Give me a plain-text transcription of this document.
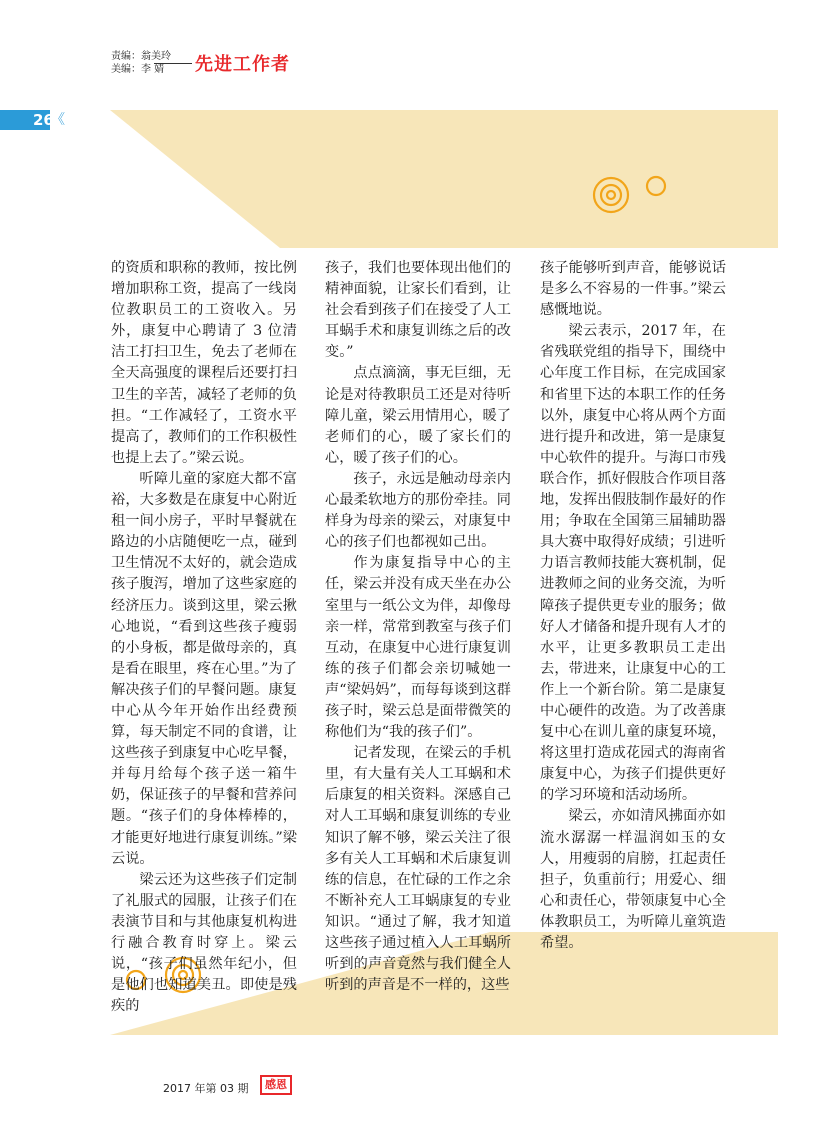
责编：翁美玲
美编：李 婧	先进工作者
26
《

的资质和职称的教师，按比例增加职称工资，提高了一线岗位教职员工的工资收入。另外，康复中心聘请了 3 位清洁工打扫卫生，免去了老师在全天高强度的课程后还要打扫卫生的辛苦，减轻了老师的负担。“工作减轻了，工资水平提高了，教师们的工作积极性也提上去了。”梁云说。

听障儿童的家庭大都不富裕，大多数是在康复中心附近租一间小房子，平时早餐就在路边的小店随便吃一点，碰到卫生情况不太好的，就会造成孩子腹泻，增加了这些家庭的经济压力。谈到这里，梁云揪心地说，“看到这些孩子瘦弱的小身板，都是做母亲的，真是看在眼里，疼在心里。”为了解决孩子们的早餐问题。康复中心从今年开始作出经费预算，每天制定不同的食谱，让这些孩子到康复中心吃早餐，并每月给每个孩子送一箱牛奶，保证孩子的早餐和营养问题。“孩子们的身体棒棒的，才能更好地进行康复训练。”梁云说。

梁云还为这些孩子们定制了礼服式的园服，让孩子们在表演节目和与其他康复机构进行融合教育时穿上。梁云说，“孩子们虽然年纪小，但是他们也知道美丑。即使是残疾的

孩子，我们也要体现出他们的精神面貌，让家长们看到，让社会看到孩子们在接受了人工耳蜗手术和康复训练之后的改变。”

点点滴滴，事无巨细，无论是对待教职员工还是对待听障儿童，梁云用情用心，暖了老师们的心，暖了家长们的心，暖了孩子们的心。

孩子，永远是触动母亲内心最柔软地方的那份牵挂。同样身为母亲的梁云，对康复中心的孩子们也都视如己出。

作为康复指导中心的主任，梁云并没有成天坐在办公室里与一纸公文为伴，却像母亲一样，常常到教室与孩子们互动，在康复中心进行康复训练的孩子们都会亲切喊她一声“梁妈妈”，而每每谈到这群孩子时，梁云总是面带微笑的称他们为“我的孩子们”。

记者发现，在梁云的手机里，有大量有关人工耳蜗和术后康复的相关资料。深感自己对人工耳蜗和康复训练的专业知识了解不够，梁云关注了很多有关人工耳蜗和术后康复训练的信息，在忙碌的工作之余不断补充人工耳蜗康复的专业知识。“通过了解，我才知道这些孩子通过植入人工耳蜗所听到的声音竟然与我们健全人听到的声音是不一样的，这些

孩子能够听到声音，能够说话是多么不容易的一件事。”梁云感慨地说。

梁云表示，2017 年，在省残联党组的指导下，围绕中心年度工作目标，在完成国家和省里下达的本职工作的任务以外，康复中心将从两个方面进行提升和改进，第一是康复中心软件的提升。与海口市残联合作，抓好假肢合作项目落地，发挥出假肢制作最好的作用；争取在全国第三届辅助器具大赛中取得好成绩；引进听力语言教师技能大赛机制，促进教师之间的业务交流，为听障孩子提供更专业的服务；做好人才储备和提升现有人才的水平，让更多教职员工走出去，带进来，让康复中心的工作上一个新台阶。第二是康复中心硬件的改造。为了改善康复中心在训儿童的康复环境，将这里打造成花园式的海南省康复中心，为孩子们提供更好的学习环境和活动场所。

梁云，亦如清风拂面亦如流水潺潺一样温润如玉的女人，用瘦弱的肩膀，扛起责任担子，负重前行；用爱心、细心和责任心，带领康复中心全体教职员工，为听障儿童筑造希望。

2017 年第 03 期	感恩
